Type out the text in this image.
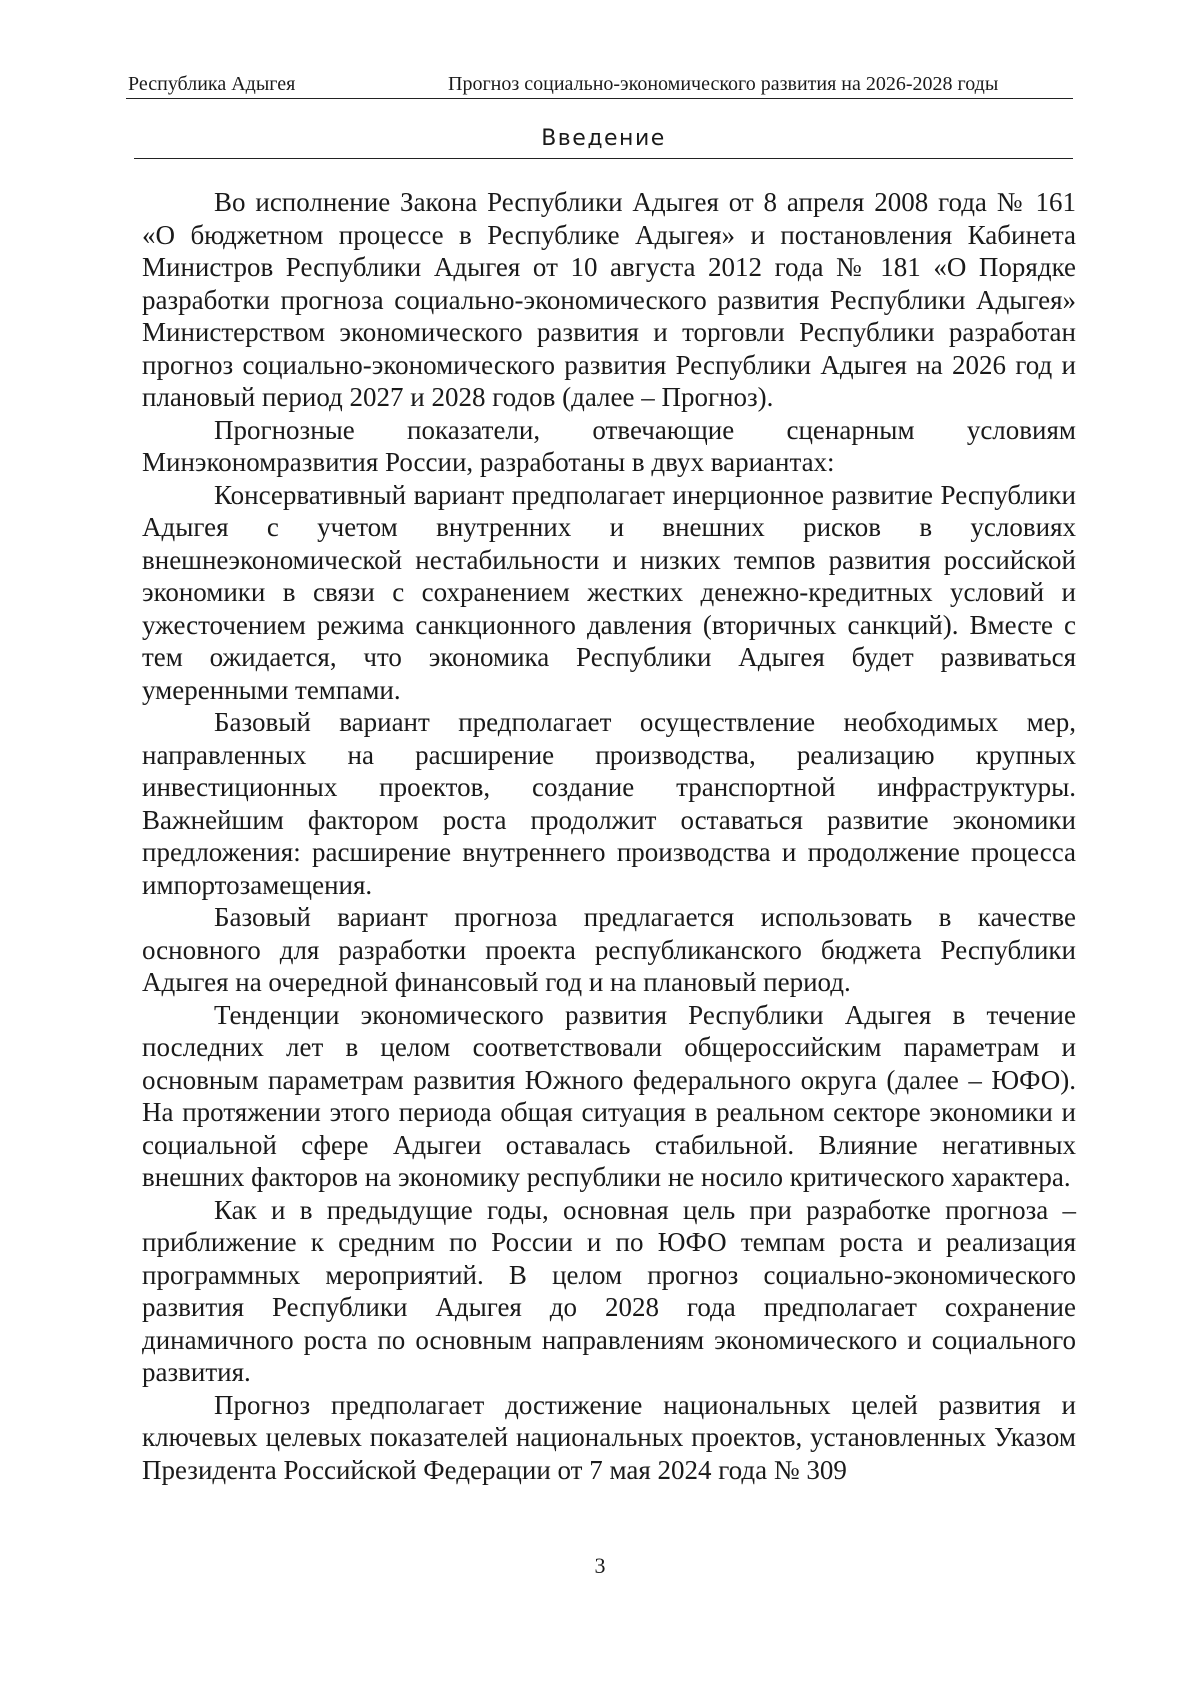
Республика Адыгея	Прогноз социально-экономического развития на 2026-2028 годы
Введение

Во исполнение Закона Республики Адыгея от 8 апреля 2008 года № 161 «О бюджетном процессе в Республике Адыгея» и постановления Кабинета Министров Республики Адыгея от 10 августа 2012 года № 181 «О Порядке разработки прогноза социально-экономического развития Республики Адыгея» Министерством экономического развития и торговли Республики разработан прогноз социально-экономического развития Республики Адыгея на 2026 год и плановый период 2027 и 2028 годов (далее – Прогноз).

Прогнозные показатели, отвечающие сценарным условиям Минэкономразвития России, разработаны в двух вариантах:

Консервативный вариант предполагает инерционное развитие Республики Адыгея с учетом внутренних и внешних рисков в условиях внешнеэкономической нестабильности и низких темпов развития российской экономики в связи с сохранением жестких денежно-кредитных условий и ужесточением режима санкционного давления (вторичных санкций). Вместе с тем ожидается, что экономика Республики Адыгея будет развиваться умеренными темпами.

Базовый вариант предполагает осуществление необходимых мер, направленных на расширение производства, реализацию крупных инвестиционных проектов, создание транспортной инфраструктуры. Важнейшим фактором роста продолжит оставаться развитие экономики предложения: расширение внутреннего производства и продолжение процесса импортозамещения.

Базовый вариант прогноза предлагается использовать в качестве основного для разработки проекта республиканского бюджета Республики Адыгея на очередной финансовый год и на плановый период.

Тенденции экономического развития Республики Адыгея в течение последних лет в целом соответствовали общероссийским параметрам и основным параметрам развития Южного федерального округа (далее – ЮФО). На протяжении этого периода общая ситуация в реальном секторе экономики и социальной сфере Адыгеи оставалась стабильной. Влияние негативных внешних факторов на экономику республики не носило критического характера.

Как и в предыдущие годы, основная цель при разработке прогноза – приближение к средним по России и по ЮФО темпам роста и реализация программных мероприятий. В целом прогноз социально-экономического развития Республики Адыгея до 2028 года предполагает сохранение динамичного роста по основным направлениям экономического и социального развития.

Прогноз предполагает достижение национальных целей развития и ключевых целевых показателей национальных проектов, установленных Указом Президента Российской Федерации от 7 мая 2024 года № 309

3
